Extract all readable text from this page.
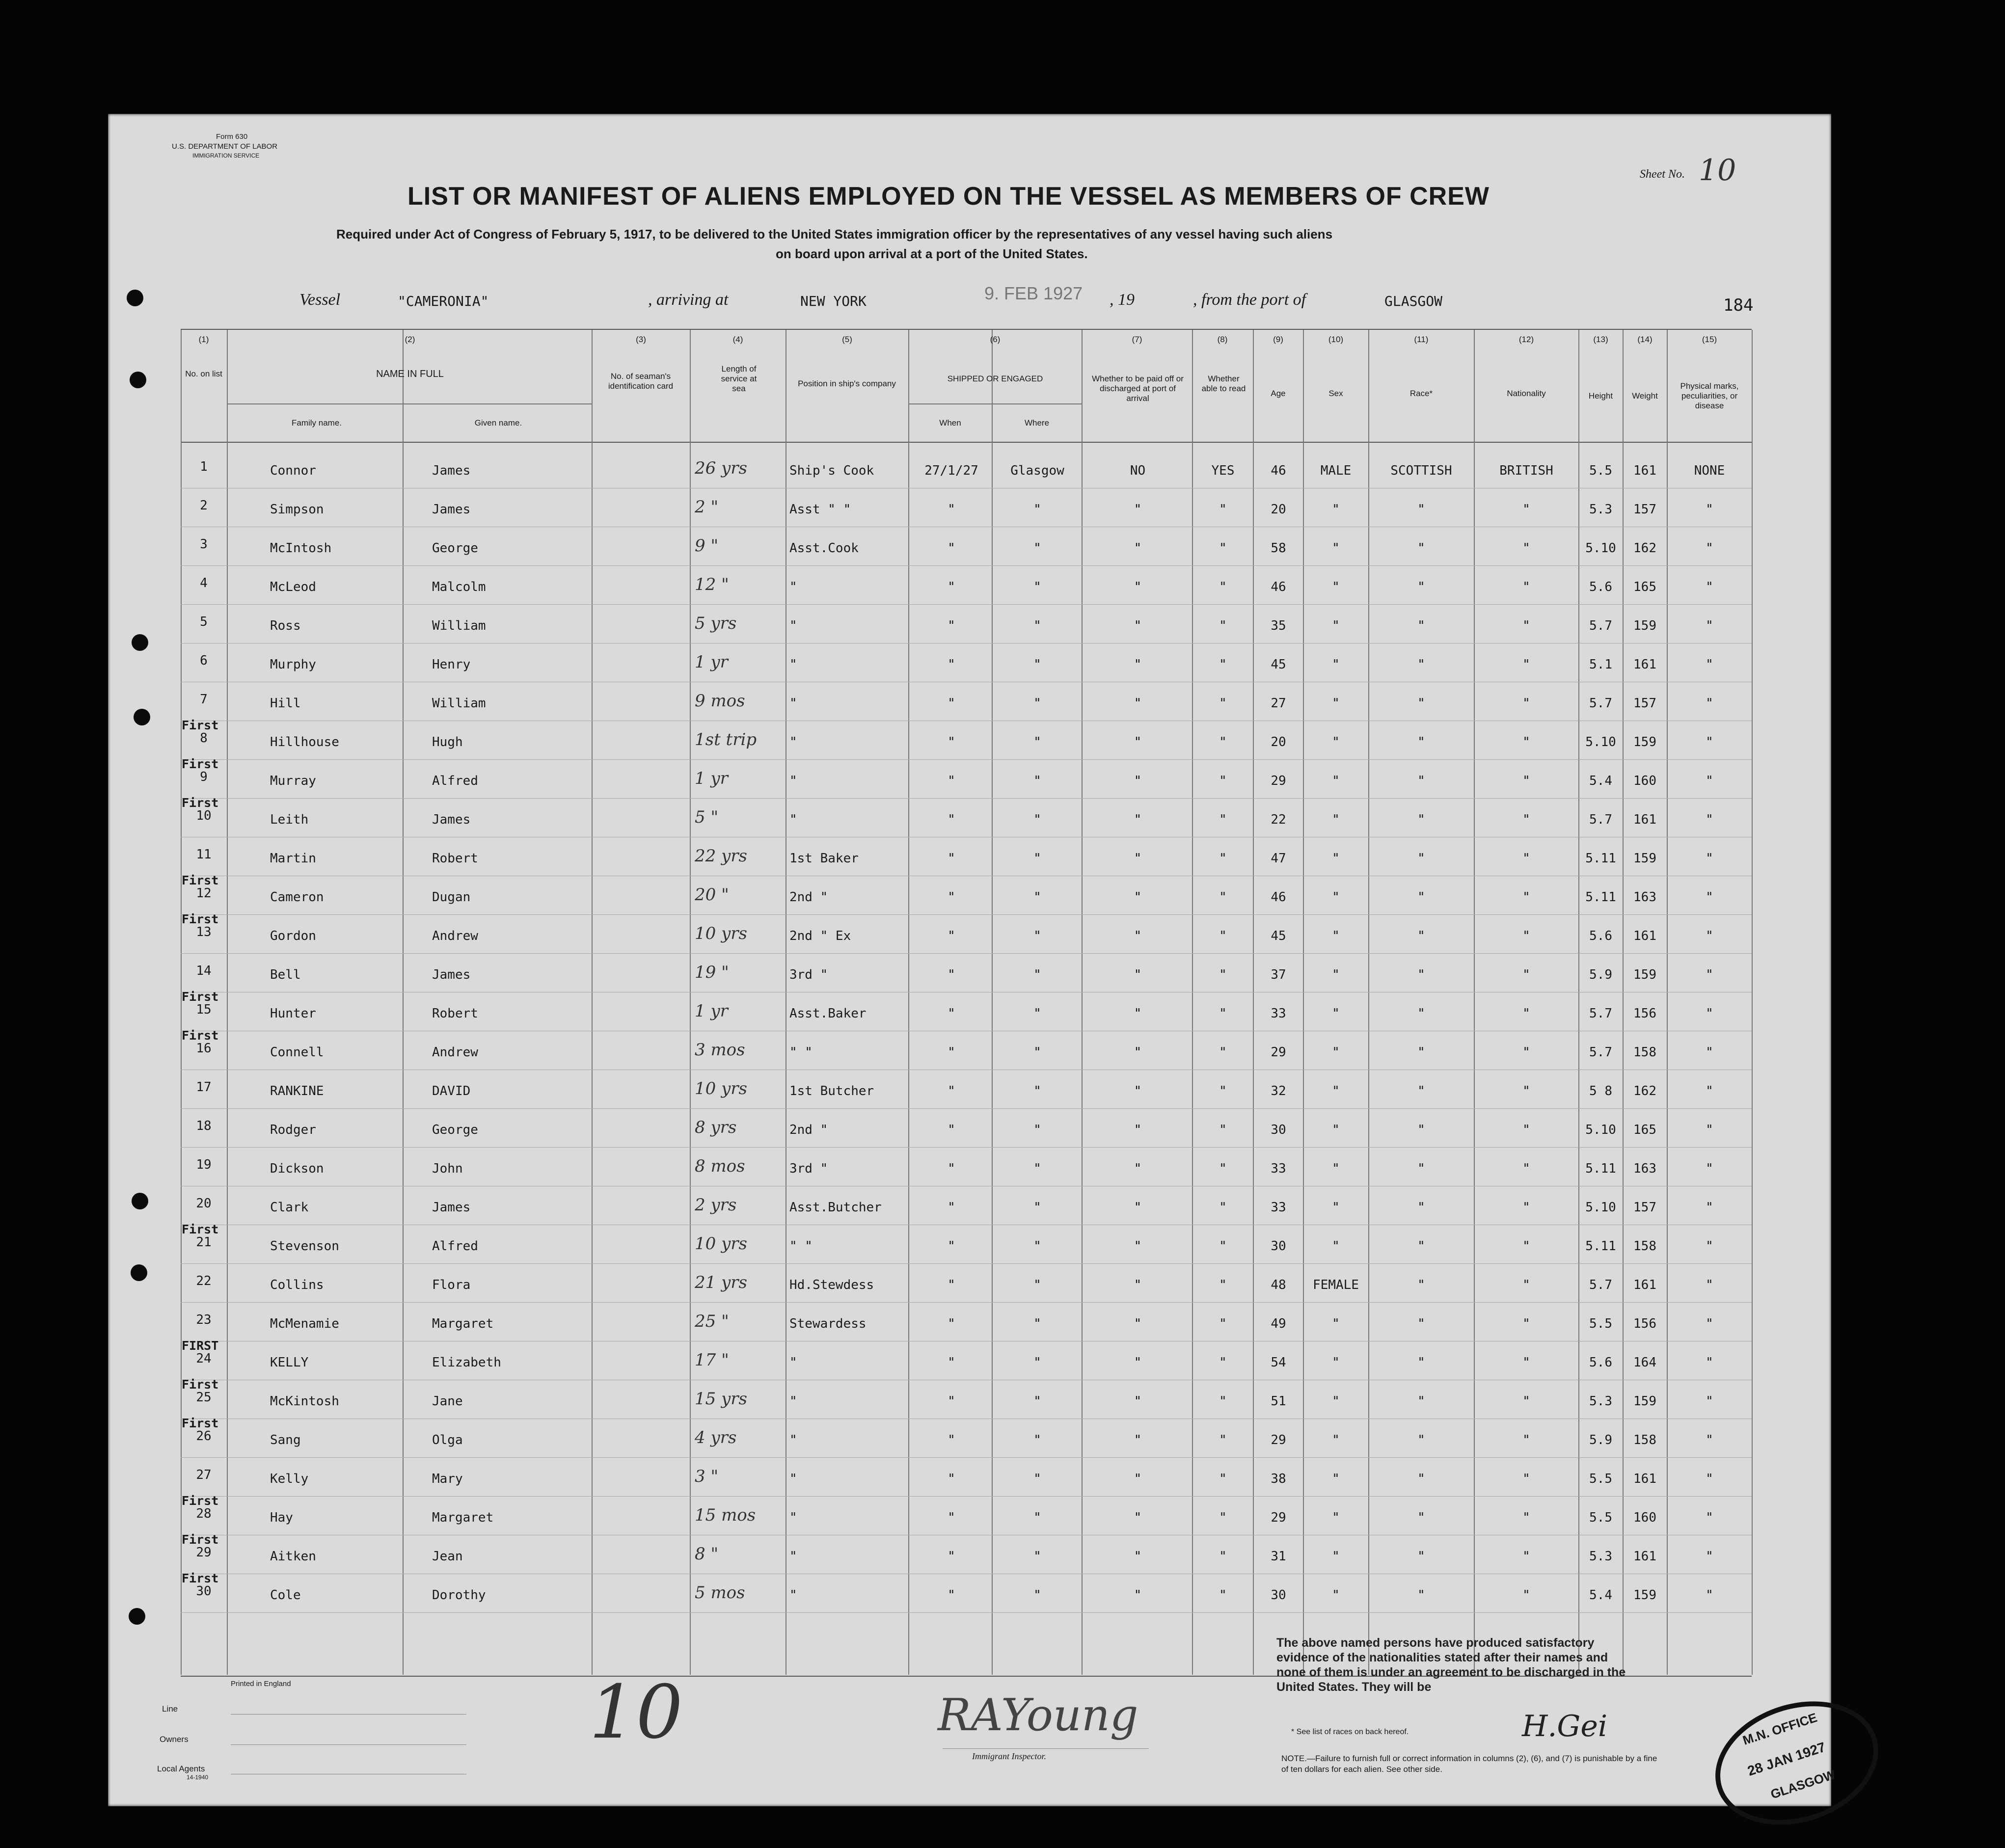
Form 630
U.S. DEPARTMENT OF LABOR
IMMIGRATION SERVICE
Sheet No. 10
LIST OR MANIFEST OF ALIENS EMPLOYED ON THE VESSEL AS MEMBERS OF CREW
Required under Act of Congress of February 5, 1917, to be delivered to the United States immigration officer by the representatives of any vessel having such aliens
on board upon arrival at a port of the United States.
Vessel	"CAMERONIA"	, arriving at	NEW YORK	9. FEB 1927 , 19	, from the port of	GLASGOW	184
(1)
No. on list
(2)
NAME IN FULL
Family name.	Given name.
(3)
No. of seaman's identification card
(4)
Length of service at sea
(5)
Position in ship's company
(6)
SHIPPED OR ENGAGED
When	Where
(7)
Whether to be paid off or discharged at port of arrival
(8)
Whether able to read
(9)
Age
(10)
Sex
(11)
Race*
(12)
Nationality
(13)
Height
(14)
Weight
(15)
Physical marks, peculiarities, or disease
1	Connor	James	26 yrs	Ship's Cook	27/1/27	Glasgow	NO	YES	46	MALE	SCOTTISH	BRITISH	5.5	161	NONE
2	Simpson	James	2 "	Asst " "	"	"	"	"	20	"	"	"	5.3	157	"
3	McIntosh	George	9 "	Asst.Cook	"	"	"	"	58	"	"	"	5.10	162	"
4	McLeod	Malcolm	12 "	"	"	"	"	"	46	"	"	"	5.6	165	"
5	Ross	William	5 yrs	"	"	"	"	"	35	"	"	"	5.7	159	"
6	Murphy	Henry	1 yr	"	"	"	"	"	45	"	"	"	5.1	161	"
7	Hill	William	9 mos	"	"	"	"	"	27	"	"	"	5.7	157	"
First
8	Hillhouse	Hugh	1st trip	"	"	"	"	"	20	"	"	"	5.10	159	"
First
9	Murray	Alfred	1 yr	"	"	"	"	"	29	"	"	"	5.4	160	"
First
10	Leith	James	5 "	"	"	"	"	"	22	"	"	"	5.7	161	"
11	Martin	Robert	22 yrs	1st Baker	"	"	"	"	47	"	"	"	5.11	159	"
First
12	Cameron	Dugan	20 "	2nd "	"	"	"	"	46	"	"	"	5.11	163	"
First
13	Gordon	Andrew	10 yrs	2nd " Ex	"	"	"	"	45	"	"	"	5.6	161	"
14	Bell	James	19 "	3rd "	"	"	"	"	37	"	"	"	5.9	159	"
First
15	Hunter	Robert	1 yr	Asst.Baker	"	"	"	"	33	"	"	"	5.7	156	"
First
16	Connell	Andrew	3 mos	" "	"	"	"	"	29	"	"	"	5.7	158	"
17	RANKINE	DAVID	10 yrs	1st Butcher	"	"	"	"	32	"	"	"	5 8	162	"
18	Rodger	George	8 yrs	2nd "	"	"	"	"	30	"	"	"	5.10	165	"
19	Dickson	John	8 mos	3rd "	"	"	"	"	33	"	"	"	5.11	163	"
20	Clark	James	2 yrs	Asst.Butcher	"	"	"	"	33	"	"	"	5.10	157	"
First
21	Stevenson	Alfred	10 yrs	" "	"	"	"	"	30	"	"	"	5.11	158	"
22	Collins	Flora	21 yrs	Hd.Stewdess	"	"	"	"	48	FEMALE	"	"	5.7	161	"
23	McMenamie	Margaret	25 "	Stewardess	"	"	"	"	49	"	"	"	5.5	156	"
FIRST
24	KELLY	Elizabeth	17 "	"	"	"	"	"	54	"	"	"	5.6	164	"
First
25	McKintosh	Jane	15 yrs	"	"	"	"	"	51	"	"	"	5.3	159	"
First
26	Sang	Olga	4 yrs	"	"	"	"	"	29	"	"	"	5.9	158	"
27	Kelly	Mary	3 "	"	"	"	"	"	38	"	"	"	5.5	161	"
First
28	Hay	Margaret	15 mos	"	"	"	"	"	29	"	"	"	5.5	160	"
First
29	Aitken	Jean	8 "	"	"	"	"	"	31	"	"	"	5.3	161	"
First
30	Cole	Dorothy	5 mos	"	"	"	"	"	30	"	"	"	5.4	159	"
Printed in England
Line
Owners
Local Agents
14-1940
10	RAYoung
Immigrant Inspector.
The above named persons have produced satisfactory evidence of the nationalities stated after their names and none of them is under an agreement to be discharged in the United States. They will be
* See list of races on back hereof.	H.Gei
NOTE.—Failure to furnish full or correct information in columns (2), (6), and (7) is punishable by a fine of ten dollars for each alien. See other side.
M.N. OFFICE
28 JAN 1927
GLASGOW
